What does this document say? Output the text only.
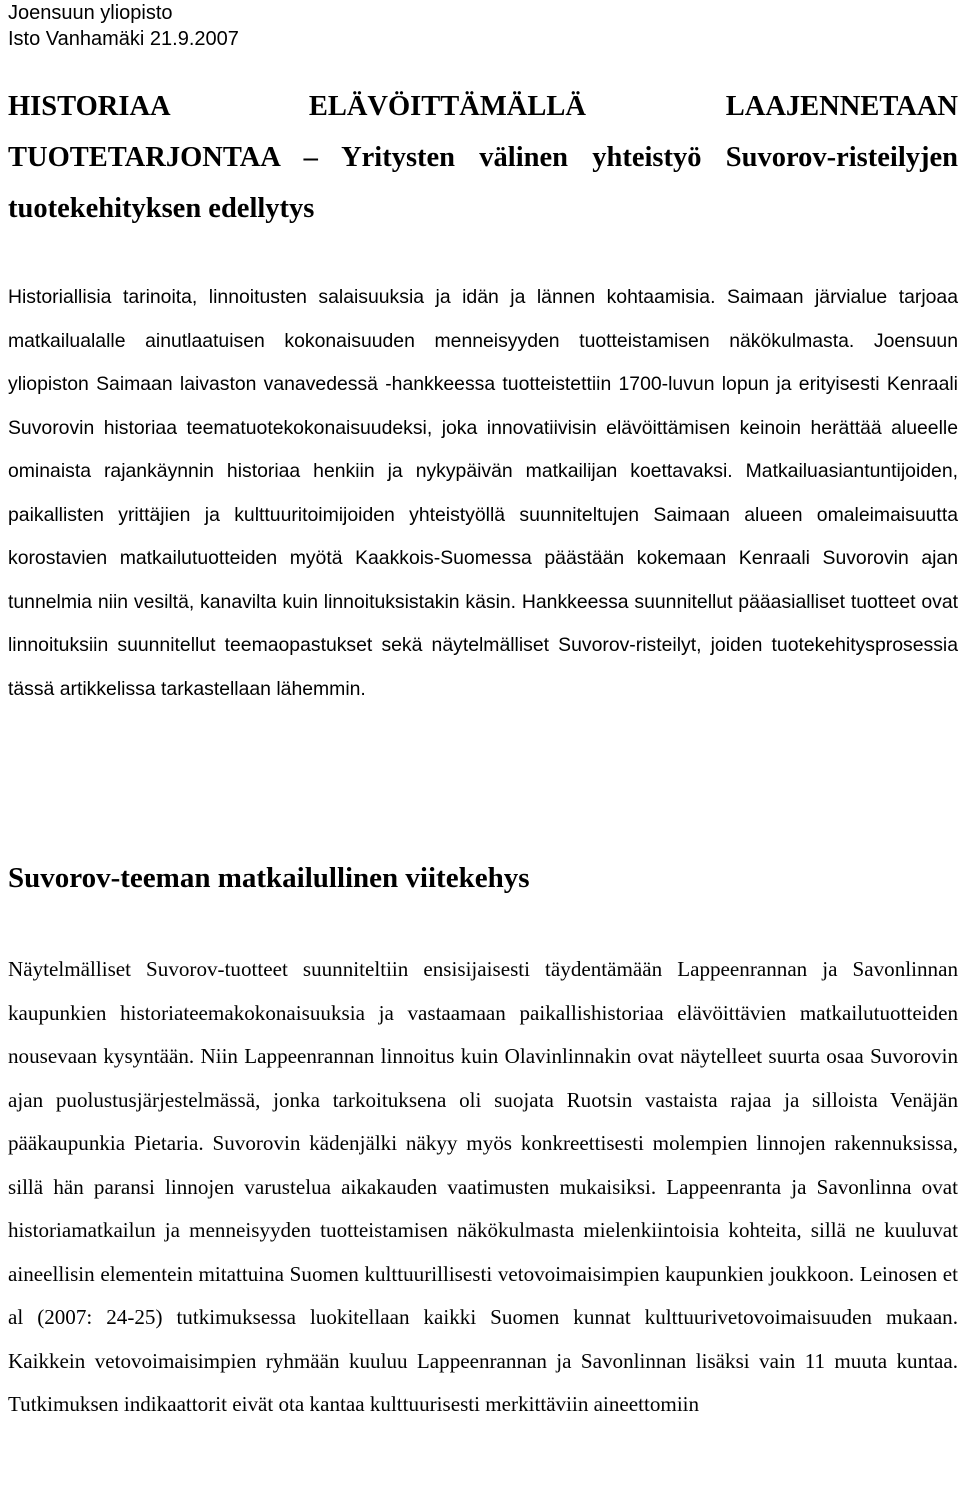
Joensuun yliopisto

Isto Vanhamäki 21.9.2007

HISTORIAA ELÄVÖITTÄMÄLLÄ LAAJENNETAAN TUOTETARJONTAA – Yritysten välinen yhteistyö Suvorov-risteilyjen tuotekehityksen edellytys

Historiallisia tarinoita, linnoitusten salaisuuksia ja idän ja lännen kohtaamisia. Saimaan järvialue tarjoaa matkailualalle ainutlaatuisen kokonaisuuden menneisyyden tuotteistamisen näkökulmasta. Joensuun yliopiston Saimaan laivaston vanavedessä -hankkeessa tuotteistettiin 1700-luvun lopun ja erityisesti Kenraali Suvorovin historiaa teematuotekokonaisuudeksi, joka innovatiivisin elävöittämisen keinoin herättää alueelle ominaista rajankäynnin historiaa henkiin ja nykypäivän matkailijan koettavaksi. Matkailuasiantuntijoiden, paikallisten yrittäjien ja kulttuuritoimijoiden yhteistyöllä suunniteltujen Saimaan alueen omaleimaisuutta korostavien matkailutuotteiden myötä Kaakkois-Suomessa päästään kokemaan Kenraali Suvorovin ajan tunnelmia niin vesiltä, kanavilta kuin linnoituksistakin käsin. Hankkeessa suunnitellut pääasialliset tuotteet ovat linnoituksiin suunnitellut teemaopastukset sekä näytelmälliset Suvorov-risteilyt, joiden tuotekehitysprosessia tässä artikkelissa tarkastellaan lähemmin.

Suvorov-teeman matkailullinen viitekehys

Näytelmälliset Suvorov-tuotteet suunniteltiin ensisijaisesti täydentämään Lappeenrannan ja Savonlinnan kaupunkien historiateemakokonaisuuksia ja vastaamaan paikallishistoriaa elävöittävien matkailutuotteiden nousevaan kysyntään. Niin Lappeenrannan linnoitus kuin Olavinlinnakin ovat näytelleet suurta osaa Suvorovin ajan puolustusjärjestelmässä, jonka tarkoituksena oli suojata Ruotsin vastaista rajaa ja silloista Venäjän pääkaupunkia Pietaria. Suvorovin kädenjälki näkyy myös konkreettisesti molempien linnojen rakennuksissa, sillä hän paransi linnojen varustelua aikakauden vaatimusten mukaisiksi. Lappeenranta ja Savonlinna ovat historiamatkailun ja menneisyyden tuotteistamisen näkökulmasta mielenkiintoisia kohteita, sillä ne kuuluvat aineellisin elementein mitattuina Suomen kulttuurillisesti vetovoimaisimpien kaupunkien joukkoon. Leinosen et al (2007: 24-25) tutkimuksessa luokitellaan kaikki Suomen kunnat kulttuurivetovoimaisuuden mukaan. Kaikkein vetovoimaisimpien ryhmään kuuluu Lappeenrannan ja Savonlinnan lisäksi vain 11 muuta kuntaa. Tutkimuksen indikaattorit eivät ota kantaa kulttuurisesti merkittäviin aineettomiin
